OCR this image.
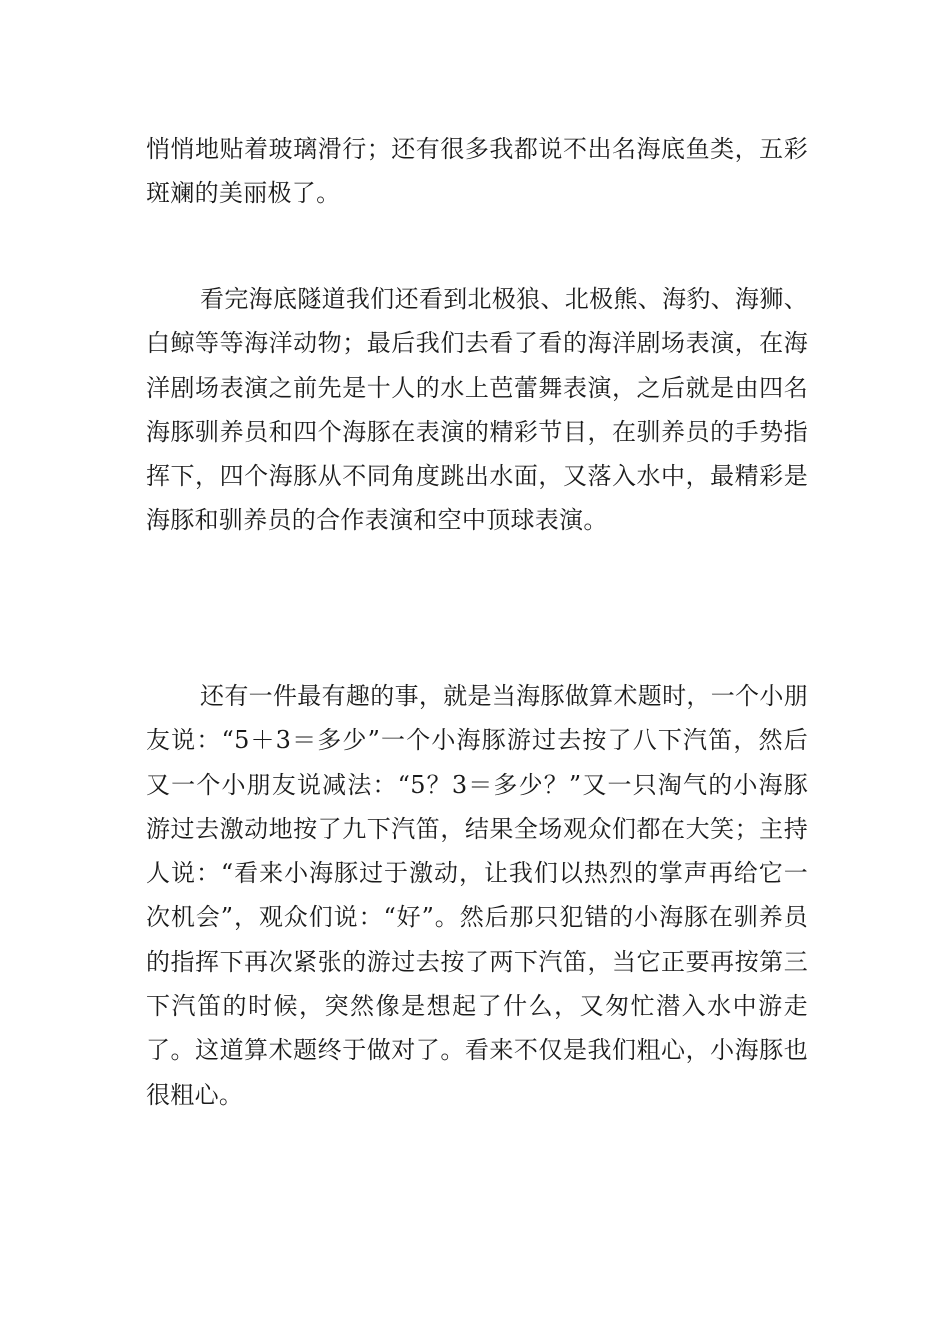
悄悄地贴着玻璃滑行；还有很多我都说不出名海底鱼类，五彩斑斓的美丽极了。

看完海底隧道我们还看到北极狼、北极熊、海豹、海狮、白鲸等等海洋动物；最后我们去看了看的海洋剧场表演，在海洋剧场表演之前先是十人的水上芭蕾舞表演，之后就是由四名海豚驯养员和四个海豚在表演的精彩节目，在驯养员的手势指挥下，四个海豚从不同角度跳出水面，又落入水中，最精彩是海豚和驯养员的合作表演和空中顶球表演。

还有一件最有趣的事，就是当海豚做算术题时，一个小朋友说：“5＋3＝多少”一个小海豚游过去按了八下汽笛，然后又一个小朋友说减法：“5？3＝多少？”又一只淘气的小海豚游过去激动地按了九下汽笛，结果全场观众们都在大笑；主持人说：“看来小海豚过于激动，让我们以热烈的掌声再给它一次机会”，观众们说：“好”。然后那只犯错的小海豚在驯养员的指挥下再次紧张的游过去按了两下汽笛，当它正要再按第三下汽笛的时候，突然像是想起了什么，又匆忙潜入水中游走了。这道算术题终于做对了。看来不仅是我们粗心，小海豚也很粗心。
